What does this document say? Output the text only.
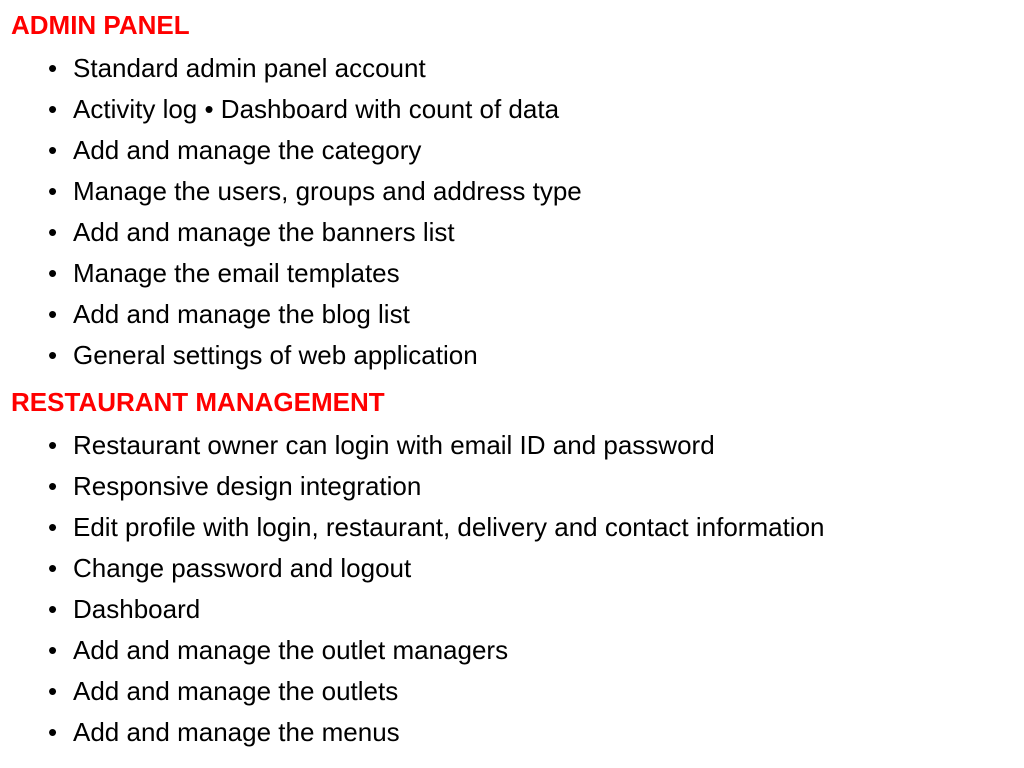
ADMIN PANEL
• Standard admin panel account
• Activity log • Dashboard with count of data
• Add and manage the category
• Manage the users, groups and address type
• Add and manage the banners list
• Manage the email templates
• Add and manage the blog list
• General settings of web application
RESTAURANT MANAGEMENT
• Restaurant owner can login with email ID and password
• Responsive design integration
• Edit profile with login, restaurant, delivery and contact information
• Change password and logout
• Dashboard
• Add and manage the outlet managers
• Add and manage the outlets
• Add and manage the menus
